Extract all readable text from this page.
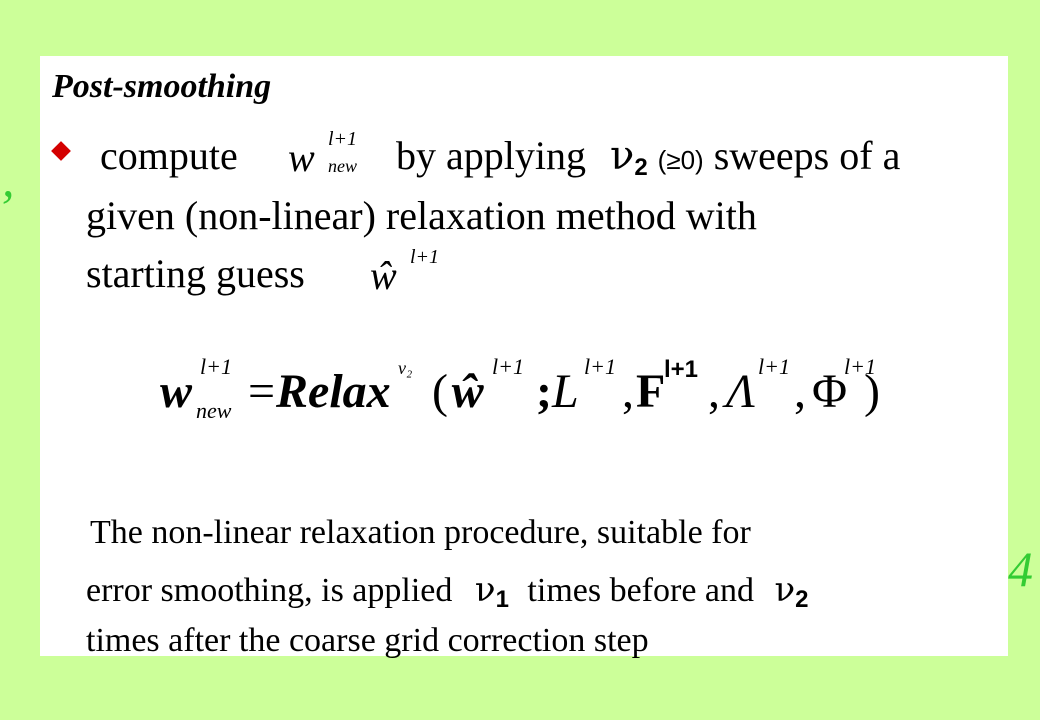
,
4
Post-smoothing
compute w l+1
new by applying ν2 (≥0) sweeps of a
given (non-linear) relaxation method with
starting guess ŵ l+1
w l+1
new = Relax ν₂ ( ŵ l+1 ; L l+1 , F
l+1 , Λ l+1 , Φ
l+1
)
The non-linear relaxation procedure, suitable for
error smoothing, is applied ν1 times before and ν2
times after the coarse grid correction step
